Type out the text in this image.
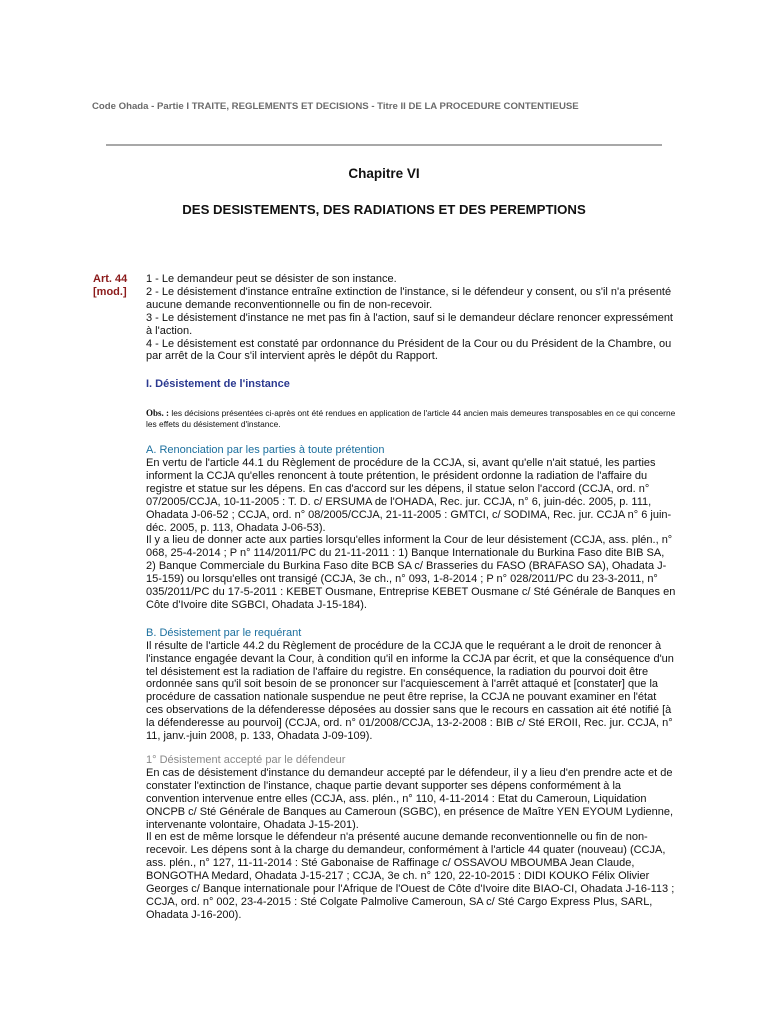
Code Ohada - Partie I TRAITE, REGLEMENTS ET DECISIONS - Titre II DE LA PROCEDURE CONTENTIEUSE
Chapitre VI
DES DESISTEMENTS, DES RADIATIONS ET DES PEREMPTIONS
Art. 44
[mod.]

1 - Le demandeur peut se désister de son instance.

2 - Le désistement d'instance entraîne extinction de l'instance, si le défendeur y consent, ou s'il n'a présenté aucune demande reconventionnelle ou fin de non-recevoir.

3 - Le désistement d'instance ne met pas fin à l'action, sauf si le demandeur déclare renoncer expressément à l'action.

4 - Le désistement est constaté par ordonnance du Président de la Cour ou du Président de la Chambre, ou par arrêt de la Cour s'il intervient après le dépôt du Rapport.

I. Désistement de l'instance

Obs. : les décisions présentées ci-après ont été rendues en application de l'article 44 ancien mais demeures transposables en ce qui concerne les effets du désistement d'instance.

A. Renonciation par les parties à toute prétention

En vertu de l'article 44.1 du Règlement de procédure de la CCJA, si, avant qu'elle n'ait statué, les parties informent la CCJA qu'elles renoncent à toute prétention, le président ordonne la radiation de l'affaire du registre et statue sur les dépens. En cas d'accord sur les dépens, il statue selon l'accord (CCJA, ord. n° 07/2005/CCJA, 10-11-2005 : T. D. c/ ERSUMA de l'OHADA, Rec. jur. CCJA, n° 6, juin-déc. 2005, p. 111, Ohadata J-06-52 ; CCJA, ord. n° 08/2005/CCJA, 21-11-2005 : GMTCI, c/ SODIMA, Rec. jur. CCJA n° 6 juin-déc. 2005, p. 113, Ohadata J-06-53).

Il y a lieu de donner acte aux parties lorsqu'elles informent la Cour de leur désistement (CCJA, ass. plén., n° 068, 25-4-2014 ; P n° 114/2011/PC du 21-11-2011 : 1) Banque Internationale du Burkina Faso dite BIB SA, 2) Banque Commerciale du Burkina Faso dite BCB SA c/ Brasseries du FASO (BRAFASO SA), Ohadata J-15-159) ou lorsqu'elles ont transigé (CCJA, 3e ch., n° 093, 1-8-2014 ; P n° 028/2011/PC du 23-3-2011, n° 035/2011/PC du 17-5-2011 : KEBET Ousmane, Entreprise KEBET Ousmane c/ Sté Générale de Banques en Côte d'Ivoire dite SGBCI, Ohadata J-15-184).

B. Désistement par le requérant

Il résulte de l'article 44.2 du Règlement de procédure de la CCJA que le requérant a le droit de renoncer à l'instance engagée devant la Cour, à condition qu'il en informe la CCJA par écrit, et que la conséquence d'un tel désistement est la radiation de l'affaire du registre. En conséquence, la radiation du pourvoi doit être ordonnée sans qu'il soit besoin de se prononcer sur l'acquiescement à l'arrêt attaqué et [constater] que la procédure de cassation nationale suspendue ne peut être reprise, la CCJA ne pouvant examiner en l'état ces observations de la défenderesse déposées au dossier sans que le recours en cassation ait été notifié [à la défenderesse au pourvoi] (CCJA, ord. n° 01/2008/CCJA, 13-2-2008 : BIB c/ Sté EROII, Rec. jur. CCJA, n° 11, janv.-juin 2008, p. 133, Ohadata J-09-109).

1° Désistement accepté par le défendeur

En cas de désistement d'instance du demandeur accepté par le défendeur, il y a lieu d'en prendre acte et de constater l'extinction de l'instance, chaque partie devant supporter ses dépens conformément à la convention intervenue entre elles (CCJA, ass. plén., n° 110, 4-11-2014 : Etat du Cameroun, Liquidation ONCPB c/ Sté Générale de Banques au Cameroun (SGBC), en présence de Maître YEN EYOUM Lydienne, intervenante volontaire, Ohadata J-15-201).

Il en est de même lorsque le défendeur n'a présenté aucune demande reconventionnelle ou fin de non-recevoir. Les dépens sont à la charge du demandeur, conformément à l'article 44 quater (nouveau) (CCJA, ass. plén., n° 127, 11-11-2014 : Sté Gabonaise de Raffinage c/ OSSAVOU MBOUMBA Jean Claude, BONGOTHA Medard, Ohadata J-15-217 ; CCJA, 3e ch. n° 120, 22-10-2015 : DIDI KOUKO Félix Olivier Georges c/ Banque internationale pour l'Afrique de l'Ouest de Côte d'Ivoire dite BIAO-CI, Ohadata J-16-113 ; CCJA, ord. n° 002, 23-4-2015 : Sté Colgate Palmolive Cameroun, SA c/ Sté Cargo Express Plus, SARL, Ohadata J-16-200).
